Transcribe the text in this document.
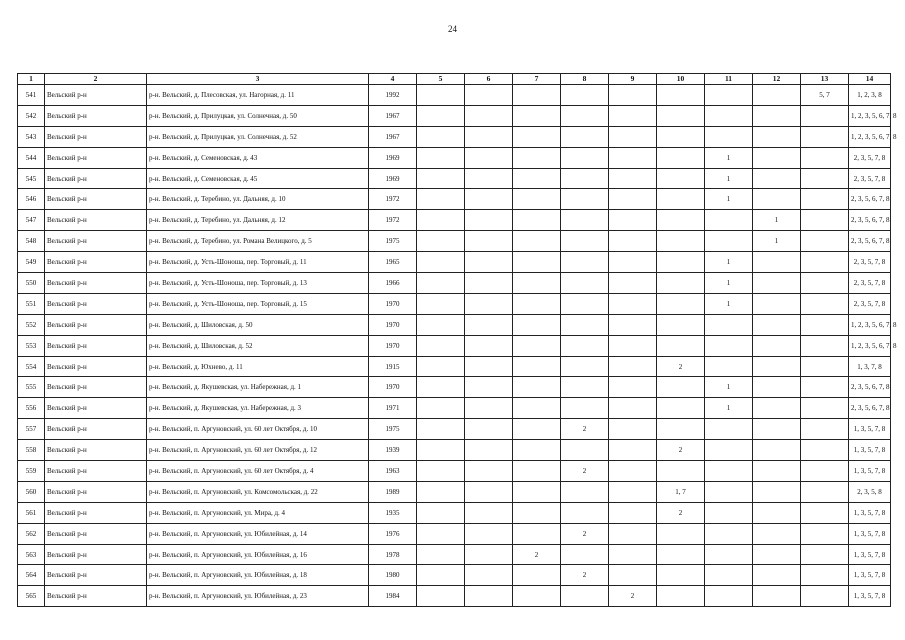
24
1	2	3	4	5	6	7	8	9	10	11	12	13	14
541	Вельский р-н	р-н. Вельский, д. Плесовская, ул. Нагорная, д. 11	1992									5, 7	1, 2, 3, 8
542	Вельский р-н	р-н. Вельский, д. Прилуцкая, ул. Солнечная, д. 50	1967										1, 2, 3, 5, 6, 7, 8
543	Вельский р-н	р-н. Вельский, д. Прилуцкая, ул. Солнечная, д. 52	1967										1, 2, 3, 5, 6, 7, 8
544	Вельский р-н	р-н. Вельский, д. Семеновская, д. 43	1969							1			2, 3, 5, 7, 8
545	Вельский р-н	р-н. Вельский, д. Семеновская, д. 45	1969							1			2, 3, 5, 7, 8
546	Вельский р-н	р-н. Вельский, д. Теребино, ул. Дальняя, д. 10	1972							1			2, 3, 5, 6, 7, 8
547	Вельский р-н	р-н. Вельский, д. Теребино, ул. Дальняя, д. 12	1972								1		2, 3, 5, 6, 7, 8
548	Вельский р-н	р-н. Вельский, д. Теребино, ул. Романа Велицкого, д. 5	1975								1		2, 3, 5, 6, 7, 8
549	Вельский р-н	р-н. Вельский, д. Усть-Шоноша, пер. Торговый, д. 11	1965							1			2, 3, 5, 7, 8
550	Вельский р-н	р-н. Вельский, д. Усть-Шоноша, пер. Торговый, д. 13	1966							1			2, 3, 5, 7, 8
551	Вельский р-н	р-н. Вельский, д. Усть-Шоноша, пер. Торговый, д. 15	1970							1			2, 3, 5, 7, 8
552	Вельский р-н	р-н. Вельский, д. Шиловская, д. 50	1970										1, 2, 3, 5, 6, 7, 8
553	Вельский р-н	р-н. Вельский, д. Шиловская, д. 52	1970										1, 2, 3, 5, 6, 7, 8
554	Вельский р-н	р-н. Вельский, д. Юхнево, д. 11	1915						2				1, 3, 7, 8
555	Вельский р-н	р-н. Вельский, д. Якушевская, ул. Набережная, д. 1	1970							1			2, 3, 5, 6, 7, 8
556	Вельский р-н	р-н. Вельский, д. Якушевская, ул. Набережная, д. 3	1971							1			2, 3, 5, 6, 7, 8
557	Вельский р-н	р-н. Вельский, п. Аргуновский, ул. 60 лет Октября, д. 10	1975				2						1, 3, 5, 7, 8
558	Вельский р-н	р-н. Вельский, п. Аргуновский, ул. 60 лет Октября, д. 12	1939						2				1, 3, 5, 7, 8
559	Вельский р-н	р-н. Вельский, п. Аргуновский, ул. 60 лет Октября, д. 4	1963				2						1, 3, 5, 7, 8
560	Вельский р-н	р-н. Вельский, п. Аргуновский, ул. Комсомольская, д. 22	1989						1, 7				2, 3, 5, 8
561	Вельский р-н	р-н. Вельский, п. Аргуновский, ул. Мира, д. 4	1935						2				1, 3, 5, 7, 8
562	Вельский р-н	р-н. Вельский, п. Аргуновский, ул. Юбилейная, д. 14	1976				2						1, 3, 5, 7, 8
563	Вельский р-н	р-н. Вельский, п. Аргуновский, ул. Юбилейная, д. 16	1978			2							1, 3, 5, 7, 8
564	Вельский р-н	р-н. Вельский, п. Аргуновский, ул. Юбилейная, д. 18	1980				2						1, 3, 5, 7, 8
565	Вельский р-н	р-н. Вельский, п. Аргуновский, ул. Юбилейная, д. 23	1984					2					1, 3, 5, 7, 8
